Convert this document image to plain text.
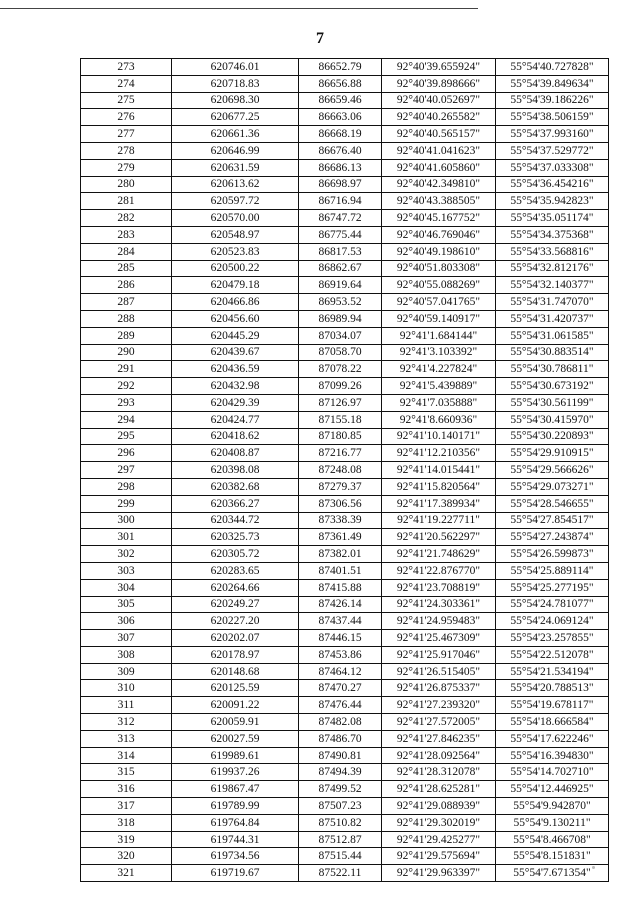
7
273	620746.01	86652.79	92°40'39.655924"	55°54'40.727828"
274	620718.83	86656.88	92°40'39.898666"	55°54'39.849634"
275	620698.30	86659.46	92°40'40.052697"	55°54'39.186226"
276	620677.25	86663.06	92°40'40.265582"	55°54'38.506159"
277	620661.36	86668.19	92°40'40.565157"	55°54'37.993160"
278	620646.99	86676.40	92°40'41.041623"	55°54'37.529772"
279	620631.59	86686.13	92°40'41.605860"	55°54'37.033308"
280	620613.62	86698.97	92°40'42.349810"	55°54'36.454216"
281	620597.72	86716.94	92°40'43.388505"	55°54'35.942823"
282	620570.00	86747.72	92°40'45.167752"	55°54'35.051174"
283	620548.97	86775.44	92°40'46.769046"	55°54'34.375368"
284	620523.83	86817.53	92°40'49.198610"	55°54'33.568816"
285	620500.22	86862.67	92°40'51.803308"	55°54'32.812176"
286	620479.18	86919.64	92°40'55.088269"	55°54'32.140377"
287	620466.86	86953.52	92°40'57.041765"	55°54'31.747070"
288	620456.60	86989.94	92°40'59.140917"	55°54'31.420737"
289	620445.29	87034.07	92°41'1.684144"	55°54'31.061585"
290	620439.67	87058.70	92°41'3.103392"	55°54'30.883514"
291	620436.59	87078.22	92°41'4.227824"	55°54'30.786811"
292	620432.98	87099.26	92°41'5.439889"	55°54'30.673192"
293	620429.39	87126.97	92°41'7.035888"	55°54'30.561199"
294	620424.77	87155.18	92°41'8.660936"	55°54'30.415970"
295	620418.62	87180.85	92°41'10.140171"	55°54'30.220893"
296	620408.87	87216.77	92°41'12.210356"	55°54'29.910915"
297	620398.08	87248.08	92°41'14.015441"	55°54'29.566626"
298	620382.68	87279.37	92°41'15.820564"	55°54'29.073271"
299	620366.27	87306.56	92°41'17.389934"	55°54'28.546655"
300	620344.72	87338.39	92°41'19.227711"	55°54'27.854517"
301	620325.73	87361.49	92°41'20.562297"	55°54'27.243874"
302	620305.72	87382.01	92°41'21.748629"	55°54'26.599873"
303	620283.65	87401.51	92°41'22.876770"	55°54'25.889114"
304	620264.66	87415.88	92°41'23.708819"	55°54'25.277195"
305	620249.27	87426.14	92°41'24.303361"	55°54'24.781077"
306	620227.20	87437.44	92°41'24.959483"	55°54'24.069124"
307	620202.07	87446.15	92°41'25.467309"	55°54'23.257855"
308	620178.97	87453.86	92°41'25.917046"	55°54'22.512078"
309	620148.68	87464.12	92°41'26.515405"	55°54'21.534194"
310	620125.59	87470.27	92°41'26.875337"	55°54'20.788513"
311	620091.22	87476.44	92°41'27.239320"	55°54'19.678117"
312	620059.91	87482.08	92°41'27.572005"	55°54'18.666584"
313	620027.59	87486.70	92°41'27.846235"	55°54'17.622246"
314	619989.61	87490.81	92°41'28.092564"	55°54'16.394830"
315	619937.26	87494.39	92°41'28.312078"	55°54'14.702710"
316	619867.47	87499.52	92°41'28.625281"	55°54'12.446925"
317	619789.99	87507.23	92°41'29.088939"	55°54'9.942870"
318	619764.84	87510.82	92°41'29.302019"	55°54'9.130211"
319	619744.31	87512.87	92°41'29.425277"	55°54'8.466708"
320	619734.56	87515.44	92°41'29.575694"	55°54'8.151831"
321	619719.67	87522.11	92°41'29.963397"	55°54'7.671354"
